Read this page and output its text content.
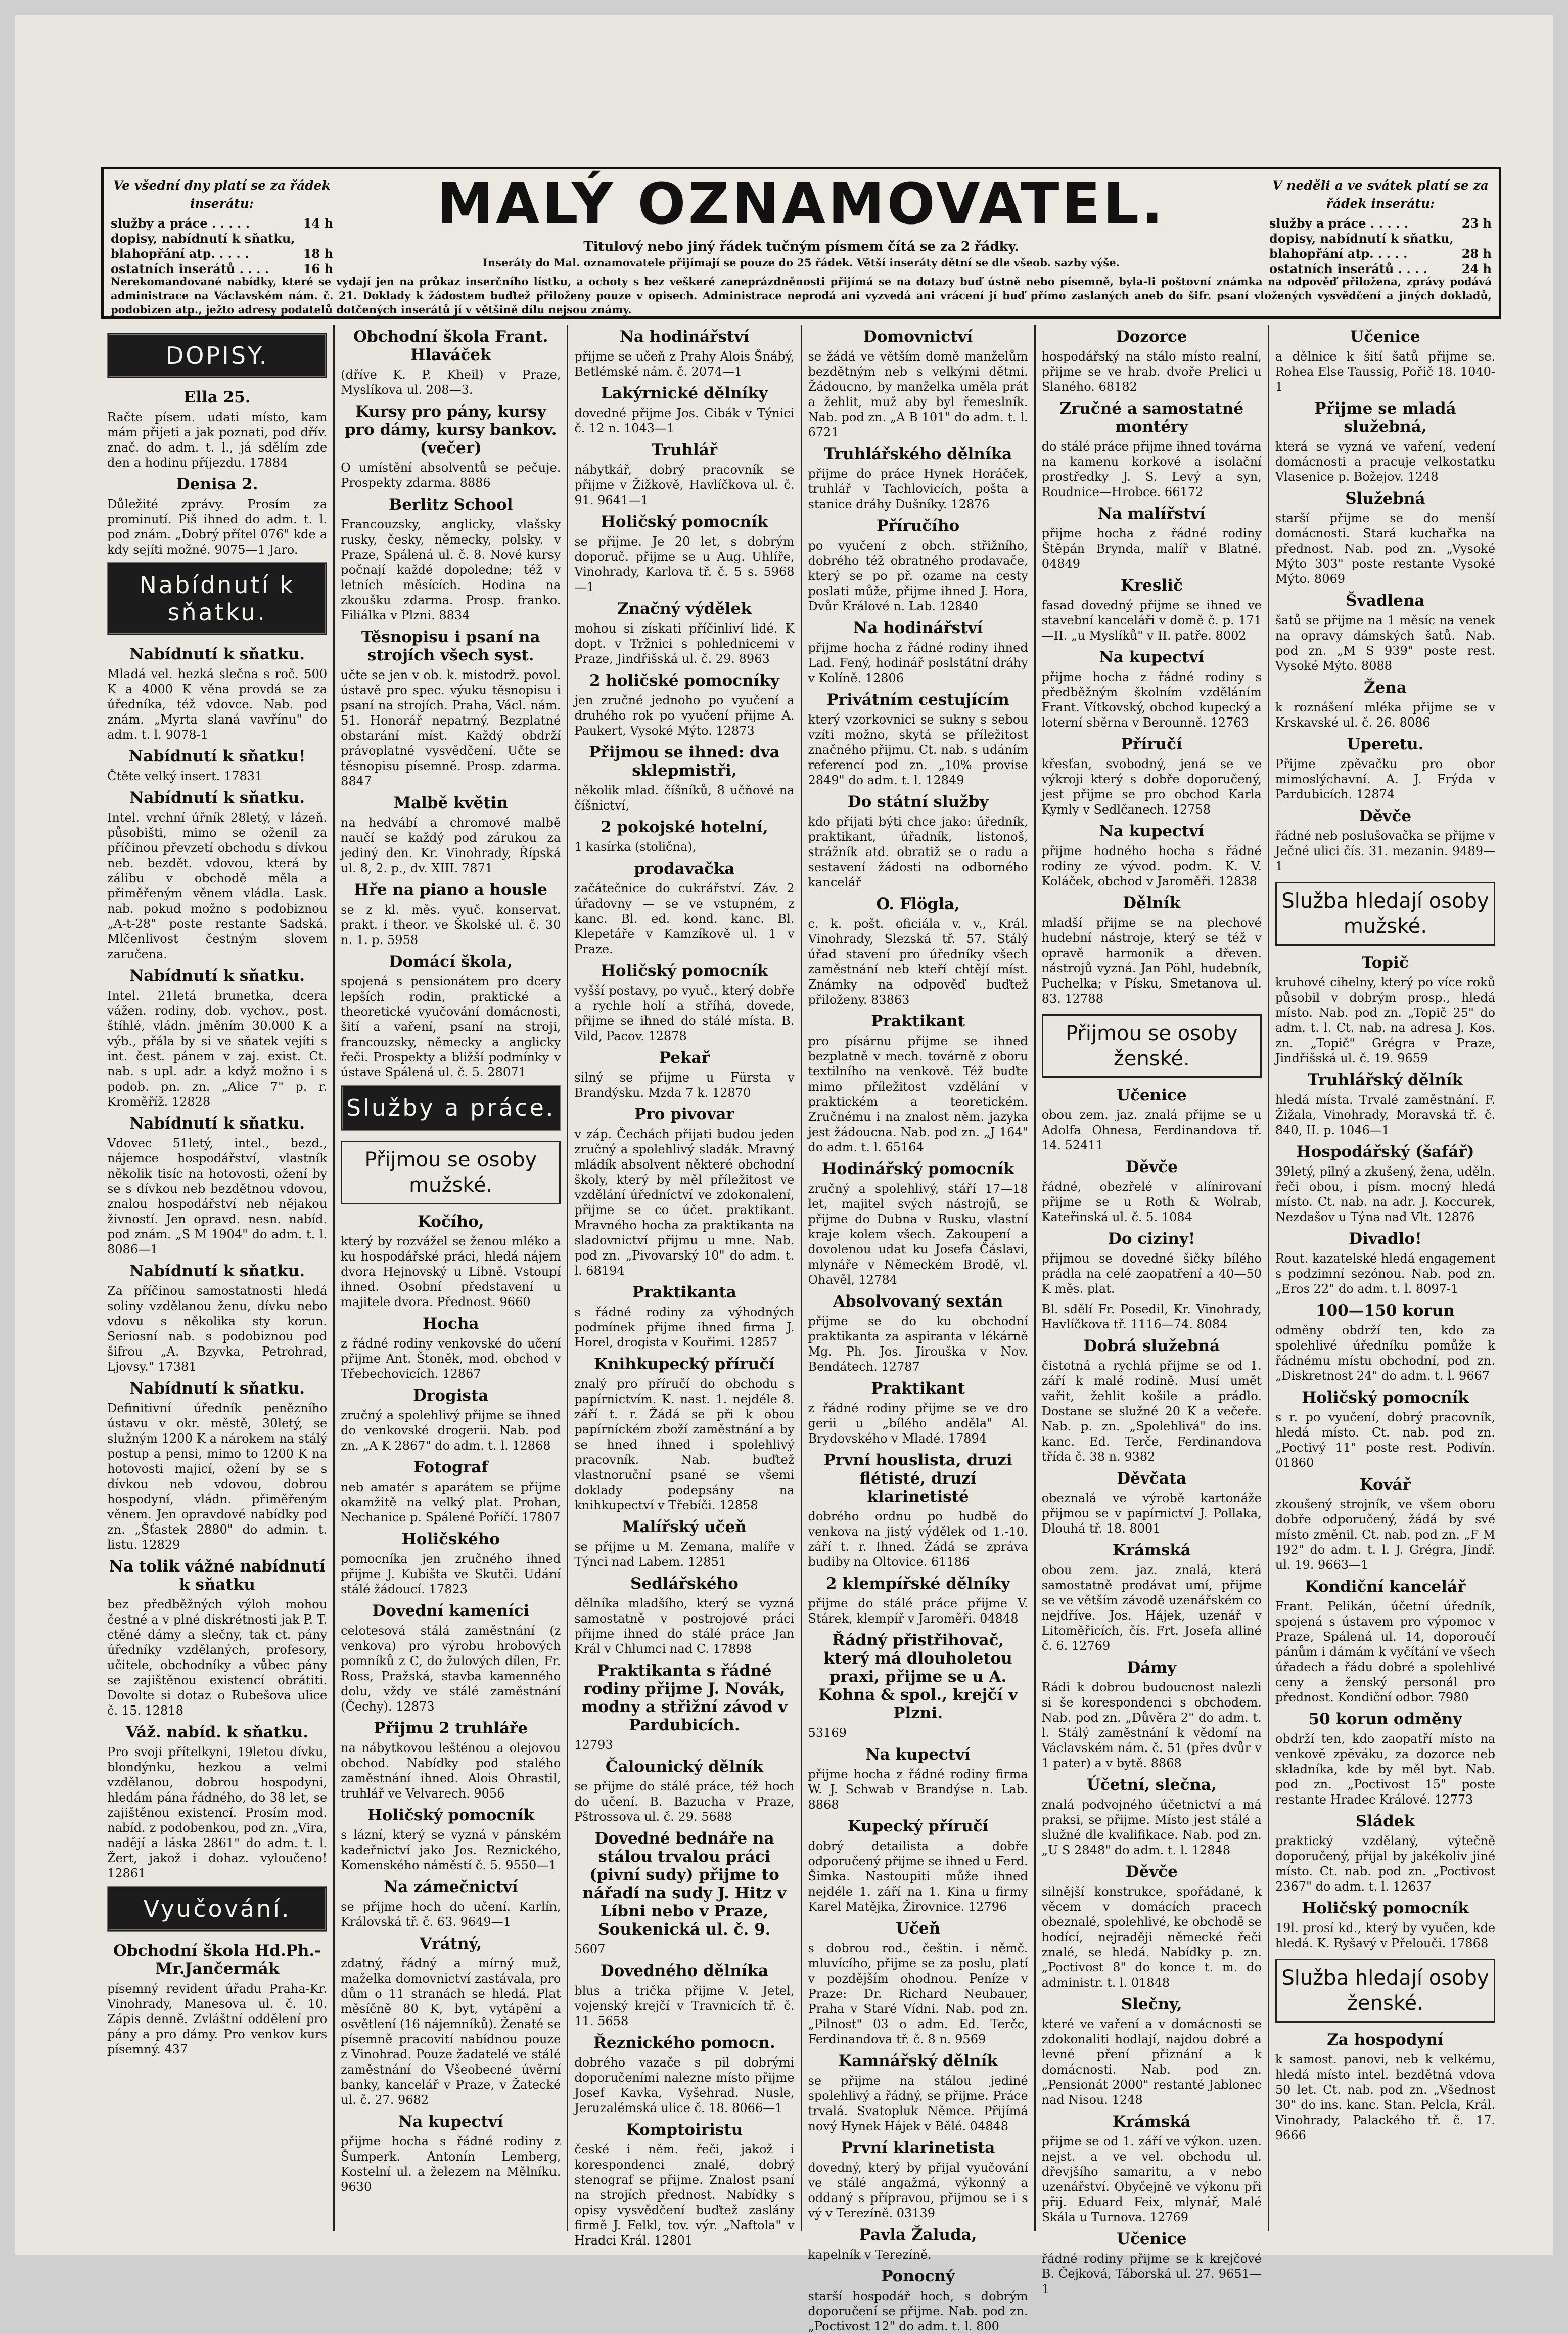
Ve všední dny platí se za řádek inserátu:
služby a práce . . . . .	14 h
dopisy, nabídnutí k sňatku,
blahopřání atp. . . . .	18 h
ostatních inserátů . . . .	16 h
MALÝ OZNAMOVATEL.
Titulový nebo jiný řádek tučným písmem čítá se za 2 řádky.
Inseráty do Mal. oznamovatele přijímají se pouze do 25 řádek. Větší inseráty dětní se dle všeob. sazby výše.
V neděli a ve svátek platí se za řádek inserátu:
služby a práce . . . . .	23 h
dopisy, nabídnutí k sňatku,
blahopřání atp. . . . .	28 h
ostatních inserátů . . . .	24 h
Nerekomandované nabídky, které se vydají jen na průkaz inserčního lístku, a ochoty s bez veškeré zaneprázdněnosti přijímá se na dotazy buď ústně nebo písemně, byla-li poštovní známka na odpověď přiložena, zprávy podává administrace na Václavském nám. č. 21. Doklady k žádostem buďtež přiloženy pouze v opisech. Administrace neprodá ani vyzvedá ani vrácení jí buď přímo zaslaných aneb do šifr. psaní vložených vysvědčení a jiných dokladů, podobizen atp., ježto adresy podatelů dotčených inserátů jí v většině dílu nejsou známy.
DOPISY.
Ella 25.
Račte písem. udati místo, kam mám přijeti a jak poznati, pod dřív. znač. do adm. t. l., já sdělím zde den a hodinu příjezdu. 17884
Denisa 2.
Důležité zprávy. Prosím za prominutí. Piš ihned do adm. t. l. pod znám. „Dobrý přítel 076" kde a kdy sejíti možné. 9075—1 Jaro.
Nabídnutí k sňatku.
Nabídnutí k sňatku.
Mladá vel. hezká slečna s roč. 500 K a 4000 K věna provdá se za úředníka, též vdovce. Nab. pod znám. „Myrta slaná vavřínu" do adm. t. l. 9078-1
Nabídnutí k sňatku!
Čtěte velký insert. 17831
Nabídnutí k sňatku.
Intel. vrchní úřník 28letý, v lázeň. působišti, mimo se oženil za příčinou převzetí obchodu s dívkou neb. bezdět. vdovou, která by zálibu v obchodě měla a přiměřeným věnem vládla. Lask. nab. pokud možno s podobiznou „A-t-28" poste restante Sadská. Mlčenlivost čestným slovem zaručena.
Nabídnutí k sňatku.
Intel. 21letá brunetka, dcera vážen. rodiny, dob. vychov., post. štíhlé, vládn. jměním 30.000 K a výb., přála by si ve sňatek vejíti s int. čest. pánem v zaj. exist. Ct. nab. s upl. adr. a když možno i s podob. pn. zn. „Alice 7" p. r. Kroměříž. 12828
Nabídnutí k sňatku.
Vdovec 51letý, intel., bezd., nájemce hospodářství, vlastník několik tisíc na hotovosti, ožení by se s dívkou neb bezdětnou vdovou, znalou hospodářství neb nějakou živností. Jen opravd. nesn. nabíd. pod znám. „S M 1904" do adm. t. l. 8086—1
Nabídnutí k sňatku.
Za příčinou samostatnosti hledá soliny vzdělanou ženu, dívku nebo vdovu s několika sty korun. Seriosní nab. s podobiznou pod šifrou „A. Bzyvka, Petrohrad, Ljovsy." 17381
Nabídnutí k sňatku.
Definitivní úředník penězního ústavu v okr. městě, 30letý, se služným 1200 K a nárokem na stálý postup a pensi, mimo to 1200 K na hotovosti majicí, ožení by se s dívkou neb vdovou, dobrou hospodyní, vládn. přiměřeným věnem. Jen opravdové nabídky pod zn. „Šťastek 2880" do admin. t. listu. 12829
Na tolik vážné nabídnutí k sňatku
bez předběžných výloh mohou čestné a v plné diskrétnosti jak P. T. ctěné dámy a slečny, tak ct. pány úředníky vzdělaných, profesory, učitele, obchodníky a vůbec pány se zajištěnou existencí obrátiti. Dovolte si dotaz o Rubešova ulice č. 15. 12818
Váž. nabíd. k sňatku.
Pro svoji přítelkyni, 19letou dívku, blondýnku, hezkou a velmi vzdělanou, dobrou hospodyni, hledám pána řádného, do 38 let, se zajištěnou existencí. Prosím mod. nabíd. z podobenkou, pod zn. „Vira, nadějí a láska 2861" do adm. t. l. Žert, jakož i dohaz. vyloučeno! 12861
Vyučování.
Obchodní škola Hd.Ph.-Mr.Jančermák
písemný revident úřadu Praha-Kr. Vinohrady, Manesova ul. č. 10. Zápis denně. Zvláštní oddělení pro pány a pro dámy. Pro venkov kurs písemný. 437
Obchodní škola Frant. Hlaváček
(dříve K. P. Kheil) v Praze, Myslíkova ul. 208—3.
Kursy pro pány, kursy pro dámy, kursy bankov. (večer)
O umístění absolventů se pečuje. Prospekty zdarma. 8886
Berlitz School
Francouzsky, anglicky, vlašsky rusky, česky, německy, polsky. v Praze, Spálená ul. č. 8. Nové kursy počnají každé dopoledne; též v letních měsících. Hodina na zkoušku zdarma. Prosp. franko. Filiálka v Plzni. 8834
Těsnopisu i psaní na strojích všech syst.
učte se jen v ob. k. mistodrž. povol. ústavě pro spec. výuku těsnopisu i psaní na strojích. Praha, Václ. nám. 51. Honorář nepatrný. Bezplatné obstarání míst. Každý obdrží právoplatné vysvědčení. Učte se těsnopisu písemně. Prosp. zdarma. 8847
Malbě květin
na hedvábí a chromové malbě naučí se každý pod zárukou za jediný den. Kr. Vinohrady, Řípská ul. 8, 2. p., dv. XIII. 7871
Hře na piano a housle
se z kl. měs. vyuč. konservat. prakt. i theor. ve Školské ul. č. 30 n. 1. p. 5958
Domácí škola,
spojená s pensionátem pro dcery lepších rodin, praktické a theoretické vyučování domácnosti, šití a vaření, psaní na stroji, francouzsky, německy a anglicky řeči. Prospekty a bližší podmínky v ústave Spálená ul. č. 5. 28071
Služby a práce.
Přijmou se osoby mužské.
Kočího,
který by rozvážel se ženou mléko a ku hospodářské práci, hledá nájem dvora Hejnovský u Libně. Vstoupí ihned. Osobní představení u majitele dvora. Přednost. 9660
Hocha
z řádné rodiny venkovské do učení přijme Ant. Štoněk, mod. obchod v Třebechovicích. 12867
Drogista
zručný a spolehlivý přijme se ihned do venkovské drogerii. Nab. pod zn. „A K 2867" do adm. t. l. 12868
Fotograf
neb amatér s aparátem se přijme okamžitě na velký plat. Prohan, Nechanice p. Spálené Poříčí. 17807
Holičského
pomocníka jen zručného ihned přijme J. Kubišta ve Skutči. Udání stálé žádoucí. 17823
Dovední kameníci
celotesová stálá zaměstnání (z venkova) pro výrobu hrobových pomníků z C, do žulových dílen, Fr. Ross, Pražská, stavba kamenného dolu, vždy ve stálé zaměstnání (Čechy). 12873
Přijmu 2 truhláře
na nábytkovou lešténou a olejovou obchod. Nabídky pod stalého zaměstnání ihned. Alois Ohrastil, truhlář ve Velvarech. 9056
Holičský pomocník
s lázní, který se vyzná v pánském kadeřnictví jako Jos. Reznického, Komenského náměstí č. 5. 9550—1
Na zámečnictví
se přijme hoch do učení. Karlín, Královská tř. č. 63. 9649—1
Vrátný,
zdatný, řádný a mírný muž, maželka domovnictví zastávala, pro dům o 11 stranách se hledá. Plat měsíčně 80 K, byt, vytápění a osvětlení (16 nájemníků). Ženaté se písemně pracovití nabídnou pouze z Vinohrad. Pouze žadatelé ve stálé zaměstnání do Všeobecné úvěrní banky, kancelář v Praze, v Žatecké ul. č. 27. 9682
Na kupectví
přijme hocha s řádné rodiny z Šumperk. Antonín Lemberg, Kostelní ul. a železem na Mělníku. 9630
Na hodinářství
přijme se učeň z Prahy Alois Šnábý, Betlémské nám. č. 2074—1
Lakýrnické dělníky
dovedné přijme Jos. Cibák v Týnici č. 12 n. 1043—1
Truhlář
nábytkář, dobrý pracovník se přijme v Žižkově, Havlíčkova ul. č. 91. 9641—1
Holičský pomocník
se přijme. Je 20 let, s dobrým doporuč. přijme se u Aug. Uhlíře, Vinohrady, Karlova tř. č. 5 s. 5968—1
Značný výdělek
mohou si získati příčinliví lidé. K dopt. v Tržnici s pohlednicemi v Praze, Jindřišská ul. č. 29. 8963
2 holičské pomocníky
jen zručné jednoho po vyučení a druhého rok po vyučení přijme A. Paukert, Vysoké Mýto. 12873
Přijmou se ihned: dva sklepmistři,
několik mlad. číšníků, 8 učňové na číšnictví,
2 pokojské hotelní,
1 kasírka (stolična),
prodavačka
začátečnice do cukrářství. Záv. 2 úřadovny — se ve vstupném, z kanc. Bl. ed. kond. kanc. Bl. Klepetáře v Kamzíkově ul. 1 v Praze.
Holičský pomocník
vyšší postavy, po vyuč., který dobře a rychle holí a stříhá, dovede, přijme se ihned do stálé místa. B. Vild, Pacov. 12878
Pekař
silný se přijme u Fürsta v Brandýsku. Mzda 7 k. 12870
Pro pivovar
v záp. Čechách přijati budou jeden zručný a spolehlivý sladák. Mravný mládík absolvent některé obchodní školy, který by měl příležitost ve vzdělání úředníctví ve zdokonalení, přijme se co účet. praktikant. Mravného hocha za praktikanta na sladovnictví přijmu u mne. Nab. pod zn. „Pivovarský 10" do adm. t. l. 68194
Praktikanta
s řádné rodiny za výhodných podmínek přijme ihned firma J. Horel, drogista v Kouřimi. 12857
Knihkupecký příručí
znalý pro příručí do obchodu s papírnictvím. K. nast. 1. nejdéle 8. září t. r. Žádá se při k obou papírníckém zboží zaměstnání a by se hned ihned i spolehlivý pracovník. Nab. buďtež vlastnoruční psané se všemi doklady podepsány na knihkupectví v Třebíči. 12858
Malířský učeň
se přijme u M. Zemana, malíře v Týnci nad Labem. 12851
Sedlářského
dělníka mladšího, který se vyzná samostatně v postrojové práci přijme ihned do stálé práce Jan Král v Chlumci nad C. 17898
Praktikanta s řádné rodiny přijme J. Novák, modny a střižní závod v Pardubicích.
12793
Čalounický dělník
se přijme do stálé práce, též hoch do učení. B. Bazucha v Praze, Pštrossova ul. č. 29. 5688
Dovedné bednáře na stálou trvalou práci (pivní sudy) přijme to nářadí na sudy J. Hitz v Líbni nebo v Praze, Soukenická ul. č. 9.
5607
Dovedného dělníka
blus a trička přijme V. Jetel, vojenský krejčí v Travnicích tř. č. 11. 5658
Řeznického pomocn.
dobrého vazače s pil dobrými doporučeními nalezne místo přijme Josef Kavka, Vyšehrad. Nusle, Jeruzalémská ulice č. 18. 8066—1
Komptoiristu
české i něm. řeči, jakož i korespondenci znalé, dobrý stenograf se přijme. Znalost psaní na strojích přednost. Nabídky s opisy vysvědčení buďtež zaslány firmě J. Felkl, tov. výr. „Naftola" v Hradci Král. 12801
Domovnictví
se žádá ve větším domě manželům bezdětným neb s velkými dětmi. Žádoucno, by manželka uměla prát a žehlit, muž aby byl řemeslník. Nab. pod zn. „A B 101" do adm. t. l. 6721
Truhlářského dělníka
přijme do práce Hynek Horáček, truhlář v Tachlovicích, pošta a stanice dráhy Dušníky. 12876
Příručího
po vyučení z obch. střižního, dobrého též obratného prodavače, který se po př. ozame na cesty poslati může, přijme ihned J. Hora, Dvůr Králové n. Lab. 12840
Na hodinářství
přijme hocha z řádné rodiny ihned Lad. Fený, hodinář poslstátní dráhy v Kolíně. 12806
Privátním cestujícím
který vzorkovnici se sukny s sebou vzíti možno, skytá se příležitost značného přijmu. Ct. nab. s udáním referencí pod zn. „10% provise 2849" do adm. t. l. 12849
Do státní služby
kdo přijati býti chce jako: úředník, praktikant, úřadník, listonoš, strážník atd. obratiž se o radu a sestavení žádosti na odborného kancelář
O. Flögla,
c. k. pošt. oficiála v. v., Král. Vinohrady, Slezská tř. 57. Stálý úřad stavení pro úředníky všech zaměstnání neb kteří chtějí míst. Známky na odpověď buďtež přiloženy. 83863
Praktikant
pro písárnu přijme se ihned bezplatně v mech. továrně z oboru textilního na venkově. Též buďte mimo příležitost vzdělání v praktickém a teoretickém. Zručnému i na znalost něm. jazyka jest žádoucna. Nab. pod zn. „J 164" do adm. t. l. 65164
Hodinářský pomocník
zručný a spolehlivý, stáří 17—18 let, majitel svých nástrojů, se přijme do Dubna v Rusku, vlastní kraje kolem všech. Zakoupení a dovolenou udat ku Josefa Čáslavi, mlynáře v Německém Brodě, vl. Ohavěl, 12784
Absolvovaný sextán
přijme se do ku obchodní praktikanta za aspiranta v lékárně Mg. Ph. Jos. Jirouška v Nov. Bendátech. 12787
Praktikant
z řádné rodiny přijme se ve dro gerii u „bílého anděla" Al. Brydovského v Mladé. 17894
První houslista, druzi flétisté, druzí klarinetisté
dobrého ordnu po hudbě do venkova na jistý výdělek od 1.-10. září t. r. Ihned. Žádá se zpráva budiby na Oltovice. 61186
2 klempířské dělníky
přijme do stálé práce přijme V. Stárek, klempíř v Jaroměři. 04848
Řádný přistřihovač, který má dlouholetou praxi, přijme se u A. Kohna & spol., krejčí v Plzni.
53169
Na kupectví
přijme hocha z řádné rodiny firma W. J. Schwab v Brandýse n. Lab. 8868
Kupecký příručí
dobrý detailista a dobře odporučený přijme se ihned u Ferd. Šimka. Nastoupiti může ihned nejdéle 1. září na 1. Kina u firmy Karel Matějka, Žirovnice. 12796
Učeň
s dobrou rod., češtin. i němč. mluvícího, přijme se za poslu, platí v pozdějším ohodnou. Peníze v Praze: Dr. Richard Neubauer, Praha v Staré Vídni. Nab. pod zn. „Pilnost" 03 o adm. Ed. Terčc, Ferdinandova tř. č. 8 n. 9569
Kamnářský dělník
se přijme na stálou jediné spolehlivý a řádný, se přijme. Práce trvalá. Svatopluk Němce. Přijímá nový Hynek Hájek v Bělé. 04848
První klarinetista
dovedný, který by přijal vyučování ve stálé angažmá, výkonný a oddaný s přípravou, přijmou se i s vý v Terezíně. 03139
Pavla Žaluda,
kapelník v Terezíně.
Ponocný
starší hospodář hoch, s dobrým doporučení se přijme. Nab. pod zn. „Poctivost 12" do adm. t. l. 800
Dozorce
hospodářský na stálo místo realní, přijme se ve hrab. dvoře Prelici u Slaného. 68182
Zručné a samostatné montéry
do stálé práce přijme ihned továrna na kamenu korkové a isolační prostředky J. S. Levý a syn, Roudnice—Hrobce. 66172
Na malířství
přijme hocha z řádné rodiny Štěpán Brynda, malíř v Blatné. 04849
Kreslič
fasad dovedný přijme se ihned ve stavební kanceláři v domě č. p. 171—II. „u Myslíků" v II. patře. 8002
Na kupectví
přijme hocha z řádné rodiny s předběžným školním vzděláním Frant. Vítkovský, obchod kupecký a loterní sběrna v Berounně. 12763
Příručí
křesťan, svobodný, jená se ve výkroji který s dobře doporučený, jest přijme se pro obchod Karla Kymly v Sedlčanech. 12758
Na kupectví
přijme hodného hocha s řádné rodiny ze vývod. podm. K. V. Koláček, obchod v Jaroměři. 12838
Dělník
mladší přijme se na plechové hudební nástroje, který se též v opravě harmonik a dřeven. nástrojů vyzná. Jan Pöhl, hudebník, Puchelka; v Písku, Smetanova ul. 83. 12788
Přijmou se osoby ženské.
Učenice
obou zem. jaz. znalá přijme se u Adolfa Ohnesa, Ferdinandova tř. 14. 52411
Děvče
řádné, obezřelé v alínirovaní přijme se u Roth & Wolrab, Kateřinská ul. č. 5. 1084
Do ciziny!
přijmou se dovedné šičky bílého prádla na celé zaopatření a 40—50 K měs. plat.
Bl. sdělí Fr. Posedil, Kr. Vinohrady, Havlíčkova tř. 1116—74. 8084
Dobrá služebná
čistotná a rychlá přijme se od 1. září k malé rodině. Musí umět vařit, žehlit košile a prádlo. Dostane se služné 20 K a večeře. Nab. p. zn. „Spolehlivá" do ins. kanc. Ed. Terče, Ferdinandova třída č. 38 n. 9382
Děvčata
obeznalá ve výrobě kartonáže přijmou se v papírnictví J. Pollaka, Dlouhá tř. 18. 8001
Krámská
obou zem. jaz. znalá, která samostatně prodávat umí, přijme se ve větším závodě uzenářském co nejdříve. Jos. Hájek, uzenář v Litoměřicích, čís. Frt. Josefa alliné č. 6. 12769
Dámy
Rádi k dobrou budoucnost nalezli si še korespondenci s obchodem. Nab. pod zn. „Důvěra 2" do adm. t. l. Stálý zaměstnání k vědomí na Václavském nám. č. 51 (přes dvůr v 1 pater) a v bytě. 8868
Účetní, slečna,
znalá podvojného účetnictví a má praksi, se přijme. Místo jest stálé a služné dle kvalifikace. Nab. pod zn. „U S 2848" do adm. t. l. 12848
Děvče
silnější konstrukce, spořádané, k věcem v domácích pracech obeznalé, spolehlivé, ke obchodě se hodící, nejraději německé řeči znalé, se hledá. Nabídky p. zn. „Poctivost 8" do konce t. m. do administr. t. l. 01848
Slečny,
které ve vaření a v domácnosti se zdokonaliti hodlají, najdou dobré a levné pření přiznání a k domácnosti. Nab. pod zn. „Pensionát 2000" restanté Jablonec nad Nisou. 1248
Krámská
přijme se od 1. září ve výkon. uzen. nejst. a ve vel. obchodu ul. dřevjšího samaritu, a v nebo uzenářství. Obyčejně ve výkonu při přij. Eduard Feix, mlynář, Malé Skála u Turnova. 12769
Učenice
řádné rodiny přijme se k krejčové B. Čejková, Táborská ul. 27. 9651—1
Učenice
a dělnice k šití šatů přijme se. Rohea Else Taussig, Pořič 18. 1040-1
Přijme se mladá služebná,
která se vyzná ve vaření, vedení domácnosti a pracuje velkostatku Vlasenice p. Božejov. 1248
Služebná
starší přijme se do menší domácnosti. Stará kuchařka na přednost. Nab. pod zn. „Vysoké Mýto 303" poste restante Vysoké Mýto. 8069
Švadlena
šatů se přijme na 1 měsíc na venek na opravy dámských šatů. Nab. pod zn. „M S 939" poste rest. Vysoké Mýto. 8088
Žena
k roznášení mléka přijme se v Krskavské ul. č. 26. 8086
Uperetu.
Přijme zpěvačku pro obor mimoslýchavní. A. J. Frýda v Pardubicích. 12874
Děvče
řádné neb poslušovačka se přijme v Ječné ulici čís. 31. mezanin. 9489—1
Služba hledají osoby mužské.
Topič
kruhové cihelny, který po více roků působil v dobrým prosp., hledá místo. Nab. pod zn. „Topič 25" do adm. t. l. Ct. nab. na adresa J. Kos. zn. „Topič" Grégra v Praze, Jindřišská ul. č. 19. 9659
Truhlářský dělník
hledá místa. Trvalé zaměstnání. F. Žižala, Vinohrady, Moravská tř. č. 840, II. p. 1046—1
Hospodářský (šafář)
39letý, pilný a zkušený, žena, uděln. řeči obou, i písm. mocný hledá místo. Ct. nab. na adr. J. Koccurek, Nezdašov u Týna nad Vlt. 12876
Divadlo!
Rout. kazatelské hledá engagement s podzimní sezónou. Nab. pod zn. „Eros 22" do adm. t. l. 8097-1
100—150 korun
odměny obdrží ten, kdo za spolehlivé úředníku pomůže k řádnému místu obchodní, pod zn. „Diskretnost 24" do adm. t. l. 9667
Holičský pomocník
s r. po vyučení, dobrý pracovník, hledá místo. Ct. nab. pod zn. „Poctivý 11" poste rest. Podivín. 01860
Kovář
zkoušený strojník, ve všem oboru dobře odporučený, žádá by své místo změnil. Ct. nab. pod zn. „F M 192" do adm. t. l. J. Grégra, Jindř. ul. 19. 9663—1
Kondiční kancelář
Frant. Pelikán, účetní úředník, spojená s ústavem pro výpomoc v Praze, Spálená ul. 14, doporoučí pánům i dámám k vyčítání ve všech úřadech a řádu dobré a spolehlivé ceny a ženský personál pro přednost. Kondiční odbor. 7980
50 korun odměny
obdrží ten, kdo zaopatří místo na venkově zpěváku, za dozorce neb skladníka, kde by měl byt. Nab. pod zn. „Poctivost 15" poste restante Hradec Králové. 12773
Sládek
praktický vzdělaný, výtečně doporučený, přijal by jakékoliv jiné místo. Ct. nab. pod zn. „Poctivost 2367" do adm. t. l. 12637
Holičský pomocník
19l. prosí kd., který by vyučen, kde hledá. K. Ryšavý v Přelouči. 17868
Služba hledají osoby ženské.
Za hospodyní
k samost. panovi, neb k velkému, hledá místo intel. bezdětná vdova 50 let. Ct. nab. pod zn. „Všednost 30" do ins. kanc. Stan. Pelcla, Král. Vinohrady, Palackého tř. č. 17. 9666
